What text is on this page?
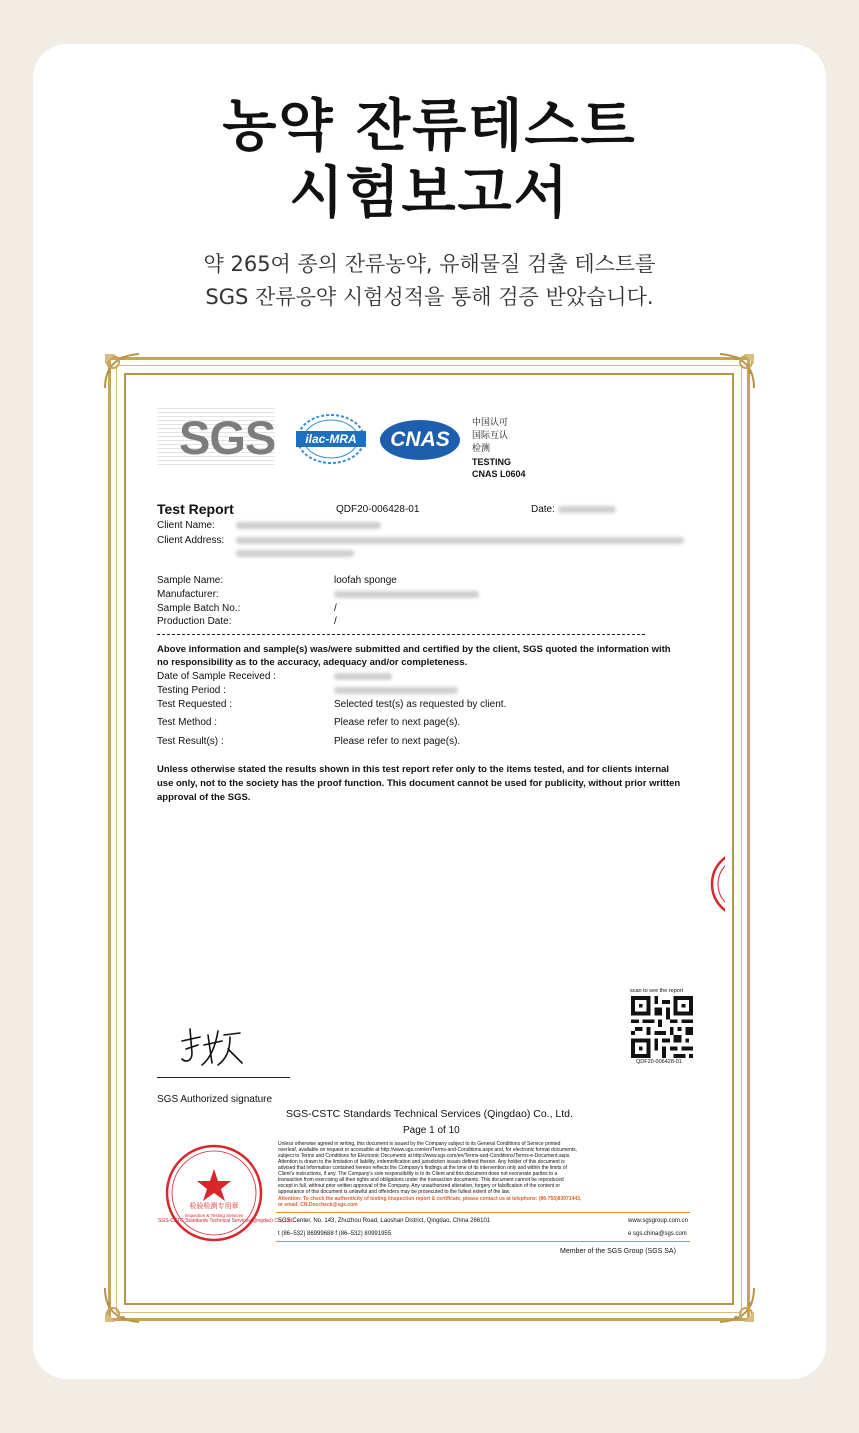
농약 잔류테스트
시험보고서
약 265여 종의 잔류농약, 유해물질 검출 테스트를
SGS 잔류응약 시험성적을 통해 검증 받았습니다.
SGS	ilac-MRA	CNAS
中国认可
国际互认
检测
TESTING
CNAS L0604
Test Report	QDF20-006428-01	Date:
Client Name:
Client Address:
Sample Name:	loofah sponge
Manufacturer:
Sample Batch No.:	/
Production Date:	/
Above information and sample(s) was/were submitted and certified by the client, SGS quoted the information with
no responsibility as to the accuracy, adequacy and/or completeness.
Date of Sample Received :
Testing Period :
Test Requested :	Selected test(s) as requested by client.
Test Method :	Please refer to next page(s).
Test Result(s) :	Please refer to next page(s).
Unless otherwise stated the results shown in this test report refer only to the items tested, and for clients internal
use only, not to the society has the proof function. This document cannot be used for publicity, without prior written
approval of the SGS.
scan to see the report
QDF20-006428-01
SGS Authorized signature
SGS-CSTC Standards Technical Services (Qingdao) Co., Ltd.
Page 1 of 10
Unless otherwise agreed in writing, this document is issued by the Company subject to its General Conditions of Service printed
overleaf, available on request or accessible at http://www.sgs.com/en/Terms-and-Conditions.aspx and, for electronic format documents,
subject to Terms and Conditions for Electronic Documents at http://www.sgs.com/en/Terms-and-Conditions/Terms-e-Document.aspx.
Attention is drawn to the limitation of liability, indemnification and jurisdiction issues defined therein. Any holder of this document is
advised that information contained hereon reflects the Company's findings at the time of its intervention only and within the limits of
Client's instructions, if any. The Company's sole responsibility is to its Client and this document does not exonerate parties to a
transaction from exercising all their rights and obligations under the transaction documents. This document cannot be reproduced
except in full, without prior written approval of the Company. Any unauthorized alteration, forgery or falsification of the content or
appearance of this document is unlawful and offenders may be prosecuted to the fullest extent of the law.
Attention: To check the authenticity of testing /inspection report & certificate, please contact us at telephone: (86-755)83071443,
or email: CN.Doccheck@sgs.com
SGS Center, No. 143, Zhuzhou Road, Laoshan District, Qingdao, China 266101
t (86–532) 86999688 f (86–532) 80991955
www.sgsgroup.com.cn
e sgs.china@sgs.com
Member of the SGS Group (SGS SA)
检验检测专用章
Inspection & Testing Services
SGS-CSTC Standards Technical Services(Qingdao) Co., Ltd.
